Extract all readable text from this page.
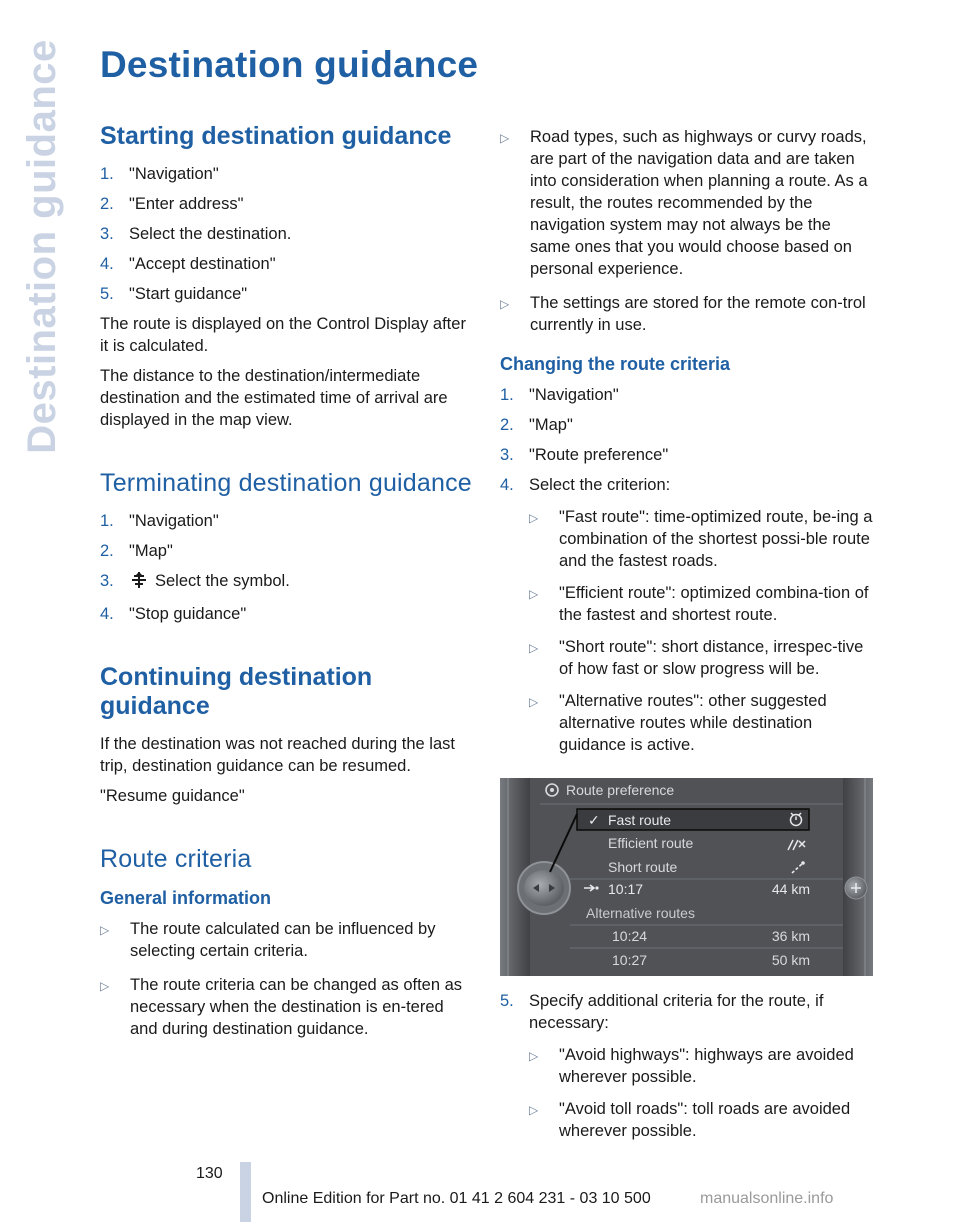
Destination guidance Destination guidance
Starting destination guidance
1. "Navigation"
2. "Enter address"
3. Select the destination.
4. "Accept destination"
5. "Start guidance"

The route is displayed on the Control Display after it is calculated.

The distance to the destination/intermediate destination and the estimated time of arrival are displayed in the map view.

Terminating destination guidance
1. "Navigation"
2. "Map"
3.	Select the symbol.
4. "Stop guidance"
Continuing destination guidance

If the destination was not reached during the last trip, destination guidance can be resumed.

"Resume guidance"

Route criteria
General information
▷	The route calculated can be influenced by selecting certain criteria.
▷	The route criteria can be changed as often as necessary when the destination is en-tered and during destination guidance.
▷	Road types, such as highways or curvy roads, are part of the navigation data and are taken into consideration when planning a route. As a result, the routes recommended by the navigation system may not always be the same ones that you would choose based on personal experience.
▷	The settings are stored for the remote con-trol currently in use.
Changing the route criteria
1. "Navigation"
2. "Map"
3. "Route preference"
4. Select the criterion:
▷	"Fast route": time-optimized route, be-ing a combination of the shortest possi-ble route and the fastest roads.
▷	"Efficient route": optimized combina-tion of the fastest and shortest route.
▷	"Short route": short distance, irrespec-tive of how fast or slow progress will be.
▷	"Alternative routes": other suggested alternative routes while destination guidance is active.
Route preference
✓ Fast route
Efficient route
Short route
10:17	44 km
Alternative routes
10:24	36 km
10:27	50 km
5. Specify additional criteria for the route, if necessary:
▷	"Avoid highways": highways are avoided wherever possible.
▷	"Avoid toll roads": toll roads are avoided wherever possible.
130
Online Edition for Part no. 01 41 2 604 231 - 03 10 500	manualsonline.info
